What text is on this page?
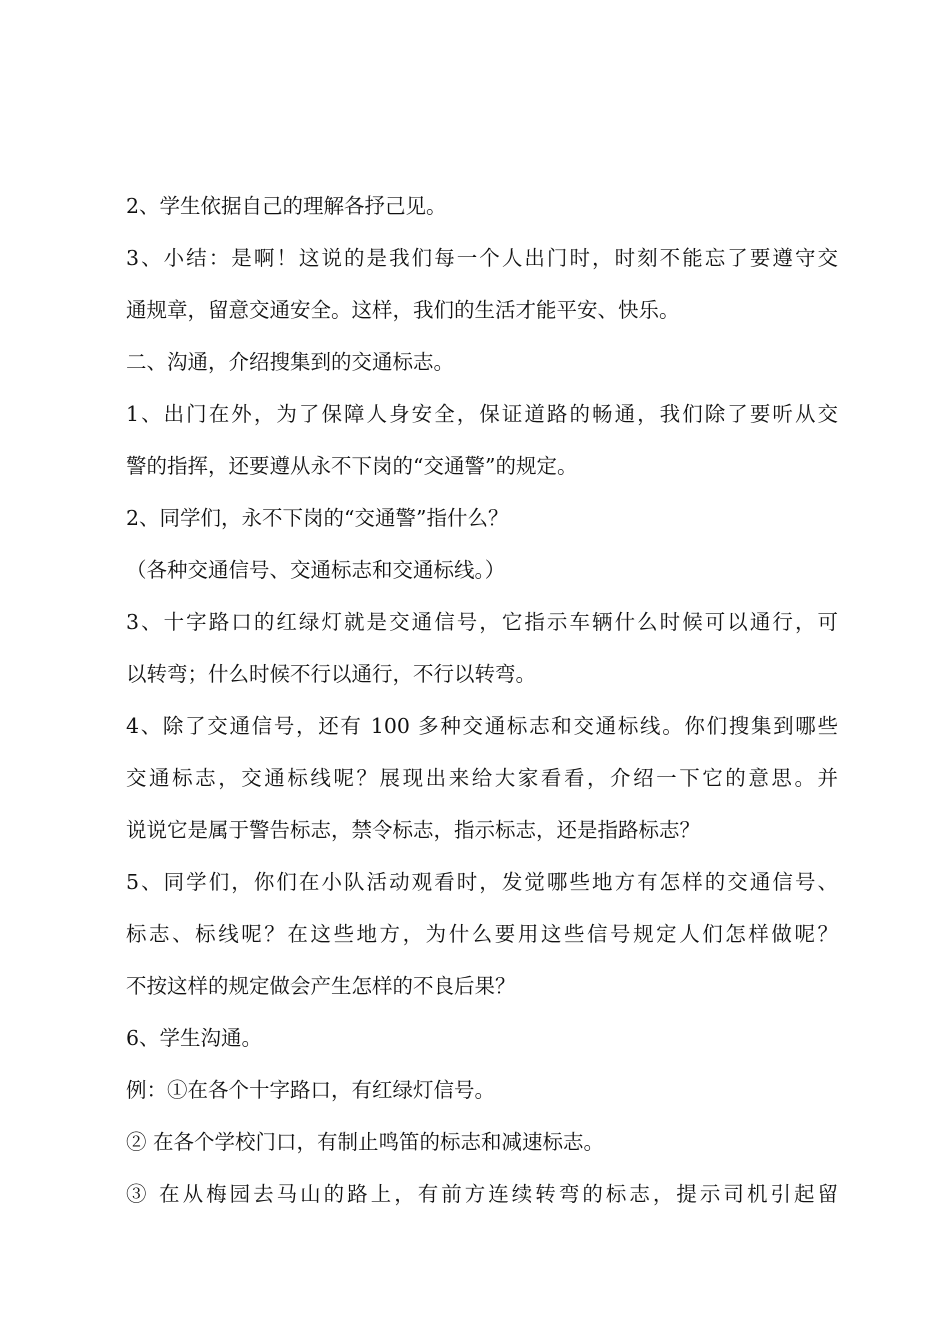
2、学生依据自己的理解各抒己见。
3、小结：是啊！这说的是我们每一个人出门时，时刻不能忘了要遵守交
通规章，留意交通安全。这样，我们的生活才能平安、快乐。
二、沟通，介绍搜集到的交通标志。
1、出门在外，为了保障人身安全，保证道路的畅通，我们除了要听从交
警的指挥，还要遵从永不下岗的“交通警”的规定。
2、同学们，永不下岗的“交通警”指什么？
（各种交通信号、交通标志和交通标线。）
3、十字路口的红绿灯就是交通信号，它指示车辆什么时候可以通行，可
以转弯；什么时候不行以通行，不行以转弯。
4、除了交通信号，还有 100 多种交通标志和交通标线。你们搜集到哪些
交通标志，交通标线呢？展现出来给大家看看，介绍一下它的意思。并
说说它是属于警告标志，禁令标志，指示标志，还是指路标志？
5、同学们，你们在小队活动观看时，发觉哪些地方有怎样的交通信号、
标志、标线呢？在这些地方，为什么要用这些信号规定人们怎样做呢？
不按这样的规定做会产生怎样的不良后果？
6、学生沟通。
例：①在各个十字路口，有红绿灯信号。
② 在各个学校门口，有制止鸣笛的标志和减速标志。
③ 在从梅园去马山的路上，有前方连续转弯的标志，提示司机引起留
